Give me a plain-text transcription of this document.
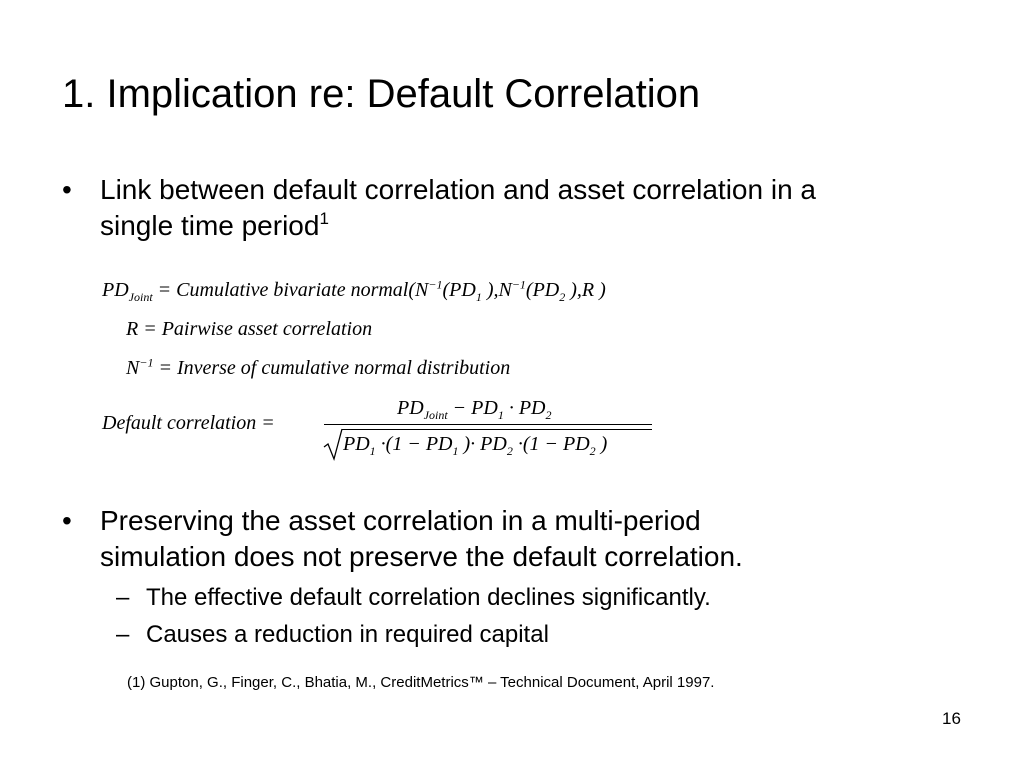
1. Implication re: Default Correlation
• Link between default correlation and asset correlation in a
single time period$^1$
$PD_{Joint}$ = Cumulative bivariate $normal(N^{-1}(PD_1$ )$,N^{-1}(PD_2$ ),R )
R = Pairwise asset correlation
$N^{-1}$ = Inverse of cumulative normal distribution
Default correlation =
$PD_{Joint} - PD_1 \cdot PD_2$
$PD_1 \cdot(1 - PD_1$ )· $PD_2 \cdot(1 - PD_2$ )
• Preserving the asset correlation in a multi-period
simulation does not preserve the default correlation.
– The effective default correlation declines significantly.
– Causes a reduction in required capital
(1) Gupton, G., Finger, C., Bhatia, M., CreditMetrics™ – Technical Document, April 1997.
16
